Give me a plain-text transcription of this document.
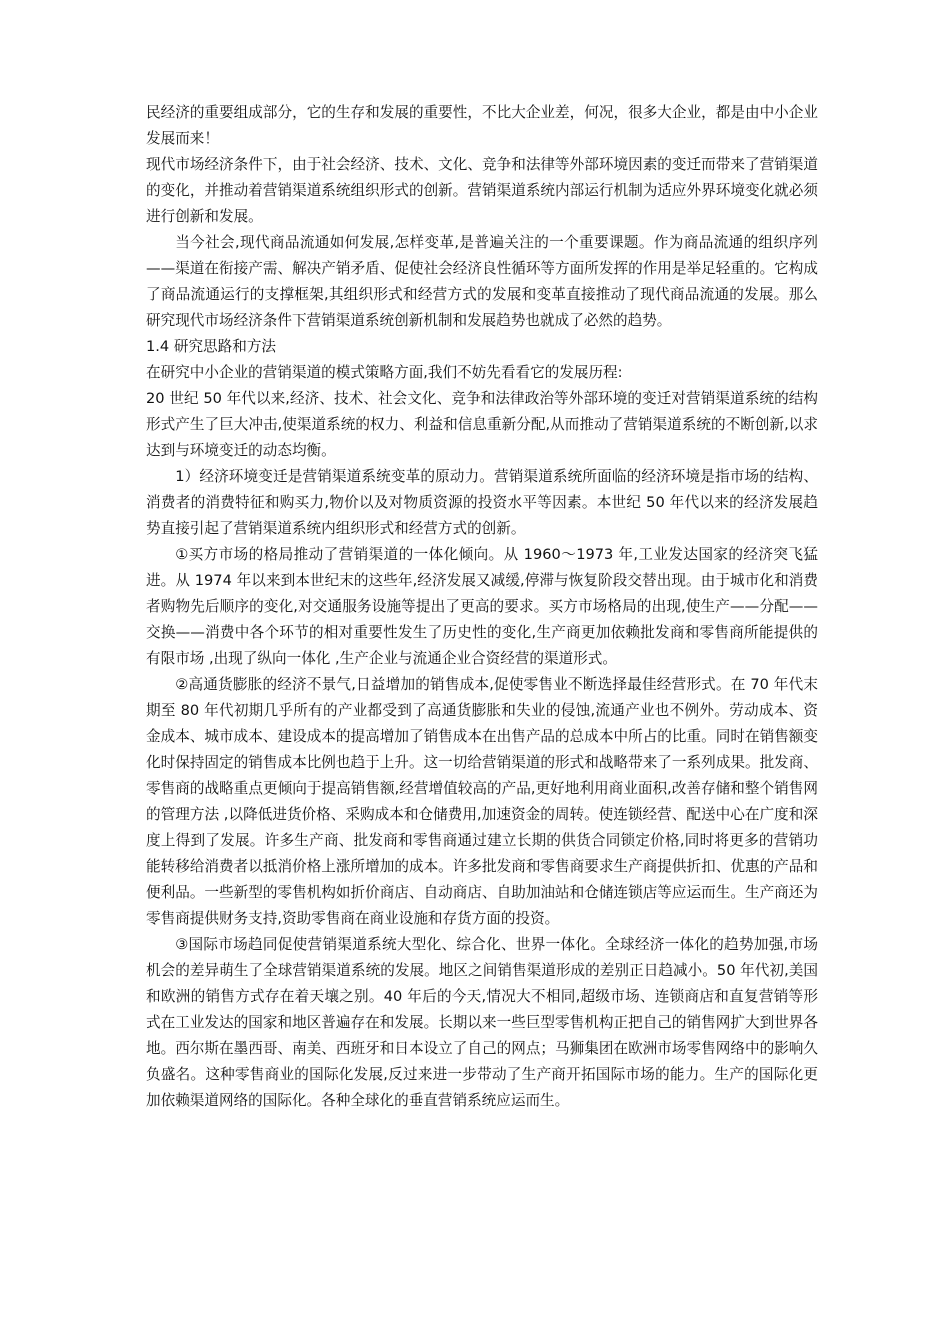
民经济的重要组成部分，它的生存和发展的重要性，不比大企业差，何况，很多大企业，都是由中小企业发展而来！

现代市场经济条件下，由于社会经济、技术、文化、竞争和法律等外部环境因素的变迁而带来了营销渠道的变化，并推动着营销渠道系统组织形式的创新。营销渠道系统内部运行机制为适应外界环境变化就必须进行创新和发展。

当今社会,现代商品流通如何发展,怎样变革,是普遍关注的一个重要课题。作为商品流通的组织序列——渠道在衔接产需、解决产销矛盾、促使社会经济良性循环等方面所发挥的作用是举足轻重的。它构成了商品流通运行的支撑框架,其组织形式和经营方式的发展和变革直接推动了现代商品流通的发展。那么研究现代市场经济条件下营销渠道系统创新机制和发展趋势也就成了必然的趋势。

1.4 研究思路和方法

在研究中小企业的营销渠道的模式策略方面,我们不妨先看看它的发展历程:

20 世纪 50 年代以来,经济、技术、社会文化、竞争和法律政治等外部环境的变迁对营销渠道系统的结构形式产生了巨大冲击,使渠道系统的权力、利益和信息重新分配,从而推动了营销渠道系统的不断创新,以求达到与环境变迁的动态均衡。

1）经济环境变迁是营销渠道系统变革的原动力。营销渠道系统所面临的经济环境是指市场的结构、消费者的消费特征和购买力,物价以及对物质资源的投资水平等因素。本世纪 50 年代以来的经济发展趋势直接引起了营销渠道系统内组织形式和经营方式的创新。

①买方市场的格局推动了营销渠道的一体化倾向。从 1960～1973 年,工业发达国家的经济突飞猛进。从 1974 年以来到本世纪末的这些年,经济发展又减缓,停滞与恢复阶段交替出现。由于城市化和消费者购物先后顺序的变化,对交通服务设施等提出了更高的要求。买方市场格局的出现,使生产——分配——交换——消费中各个环节的相对重要性发生了历史性的变化,生产商更加依赖批发商和零售商所能提供的有限市场 ,出现了纵向一体化 ,生产企业与流通企业合资经营的渠道形式。

②高通货膨胀的经济不景气,日益增加的销售成本,促使零售业不断选择最佳经营形式。在 70 年代末期至 80 年代初期几乎所有的产业都受到了高通货膨胀和失业的侵蚀,流通产业也不例外。劳动成本、资金成本、城市成本、建设成本的提高增加了销售成本在出售产品的总成本中所占的比重。同时在销售额变化时保持固定的销售成本比例也趋于上升。这一切给营销渠道的形式和战略带来了一系列成果。批发商、零售商的战略重点更倾向于提高销售额,经营增值较高的产品,更好地利用商业面积,改善存储和整个销售网的管理方法 ,以降低进货价格、采购成本和仓储费用,加速资金的周转。使连锁经营、配送中心在广度和深度上得到了发展。许多生产商、批发商和零售商通过建立长期的供货合同锁定价格,同时将更多的营销功能转移给消费者以抵消价格上涨所增加的成本。许多批发商和零售商要求生产商提供折扣、优惠的产品和便利品。一些新型的零售机构如折价商店、自动商店、自助加油站和仓储连锁店等应运而生。生产商还为零售商提供财务支持,资助零售商在商业设施和存货方面的投资。

③国际市场趋同促使营销渠道系统大型化、综合化、世界一体化。全球经济一体化的趋势加强,市场机会的差异萌生了全球营销渠道系统的发展。地区之间销售渠道形成的差别正日趋减小。50 年代初,美国和欧洲的销售方式存在着天壤之别。40 年后的今天,情况大不相同,超级市场、连锁商店和直复营销等形式在工业发达的国家和地区普遍存在和发展。长期以来一些巨型零售机构正把自己的销售网扩大到世界各地。西尔斯在墨西哥、南美、西班牙和日本设立了自己的网点；马狮集团在欧洲市场零售网络中的影响久负盛名。这种零售商业的国际化发展,反过来进一步带动了生产商开拓国际市场的能力。生产的国际化更加依赖渠道网络的国际化。各种全球化的垂直营销系统应运而生。
